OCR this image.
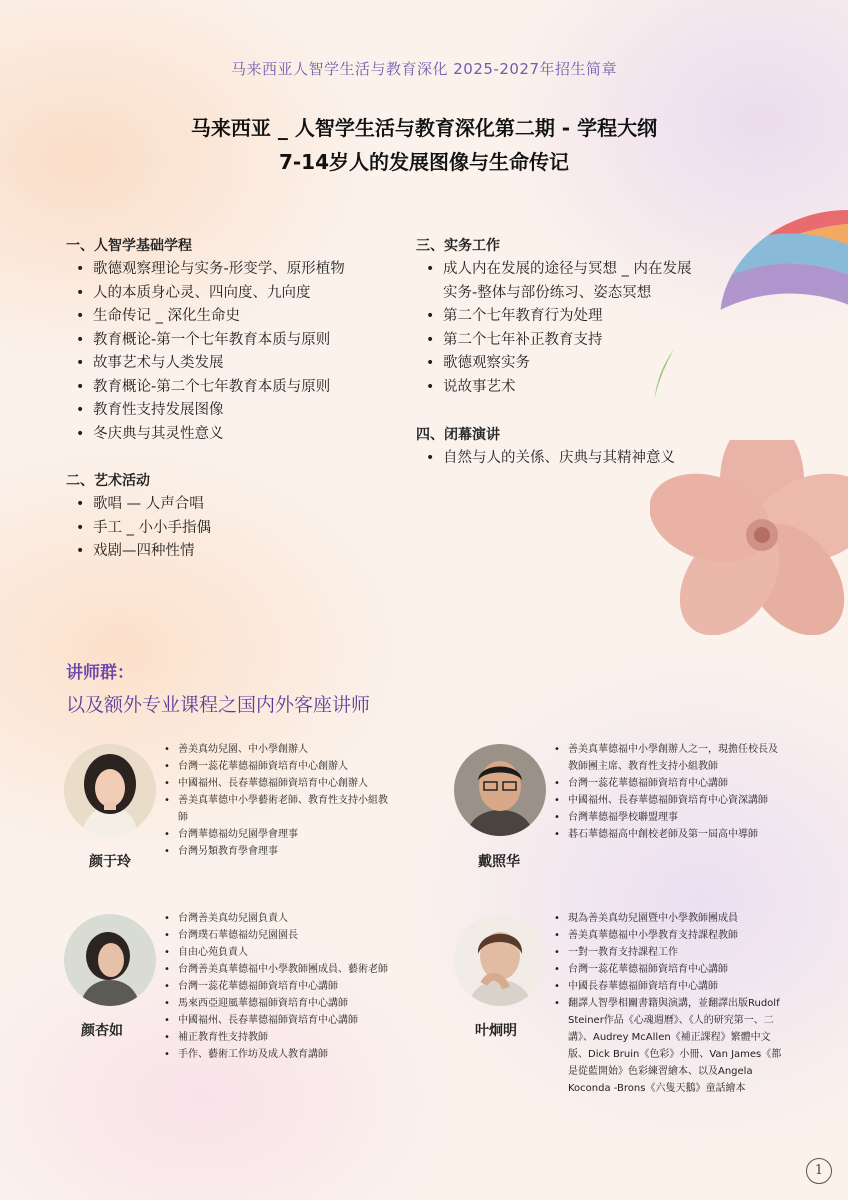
马来西亚人智学生活与教育深化 2025-2027年招生简章
马来西亚 _ 人智学生活与教育深化第二期 - 学程大纲
7-14岁人的发展图像与生命传记
一、人智学基础学程
• 歌德观察理论与实务-形变学、原形植物
• 人的本质身心灵、四向度、九向度
• 生命传记 _ 深化生命史
• 教育概论-第一个七年教育本质与原则
• 故事艺术与人类发展
• 教育概论-第二个七年教育本质与原则
• 教育性支持发展图像
• 冬庆典与其灵性意义
二、艺术活动
• 歌唱 — 人声合唱
• 手工 _ 小小手指偶
• 戏剧—四种性情
三、实务工作
• 成人内在发展的途径与冥想 _ 内在发展实务-整体与部份练习、姿态冥想
• 第二个七年教育行为处理
• 第二个七年补正教育支持
• 歌德观察实务
• 说故事艺术
四、闭幕演讲
• 自然与人的关係、庆典与其精神意义
讲师群：
以及额外专业课程之国内外客座讲师
颜于玲
• 善美真幼兒園、中小學創辦人
• 台灣一蕊花華德福師資培育中心創辦人
• 中國福州、長春華德福師資培育中心創辦人
• 善美真華德中小學藝術老師、教育性支持小組教師
• 台灣華德福幼兒園學會理事
• 台灣另類教育學會理事
戴照华
• 善美真華德福中小學創辦人之一，現擔任校長及教師團主席、教育性支持小組教師
• 台灣一蕊花華德福師資培育中心講師
• 中國福州、長春華德福師資培育中心資深講師
• 台灣華德福學校聯盟理事
• 碁石華德福高中創校老師及第一屆高中導師
颜杏如
• 台灣善美真幼兒園負責人
• 台灣璞石華德福幼兒園園長
• 自由心苑負責人
• 台灣善美真華德福中小學教師團成員、藝術老師
• 台灣一蕊花華德福師資培育中心講師
• 馬來西亞迎風華德福師資培育中心講師
• 中國福州、長春華德福師資培育中心講師
• 補正教育性支持教師
• 手作、藝術工作坊及成人教育講師
叶炯明
• 現為善美真幼兒園暨中小學教師團成員
• 善美真華德福中小學教育支持課程教師
• 一對一教育支持課程工作
• 台灣一蕊花華德福師資培育中心講師
• 中國長春華德福師資培育中心講師
• 翻譯人智學相關書籍與演講，並翻譯出版Rudolf Steiner作品《心魂週曆》、《人的研究第一、二講》、Audrey McAllen《補正課程》繁體中文版、Dick Bruin《色彩》小冊、Van James《都是從藍開始》色彩練習繪本、以及Angela Koconda -Brons《六隻天鵝》童話繪本
1
